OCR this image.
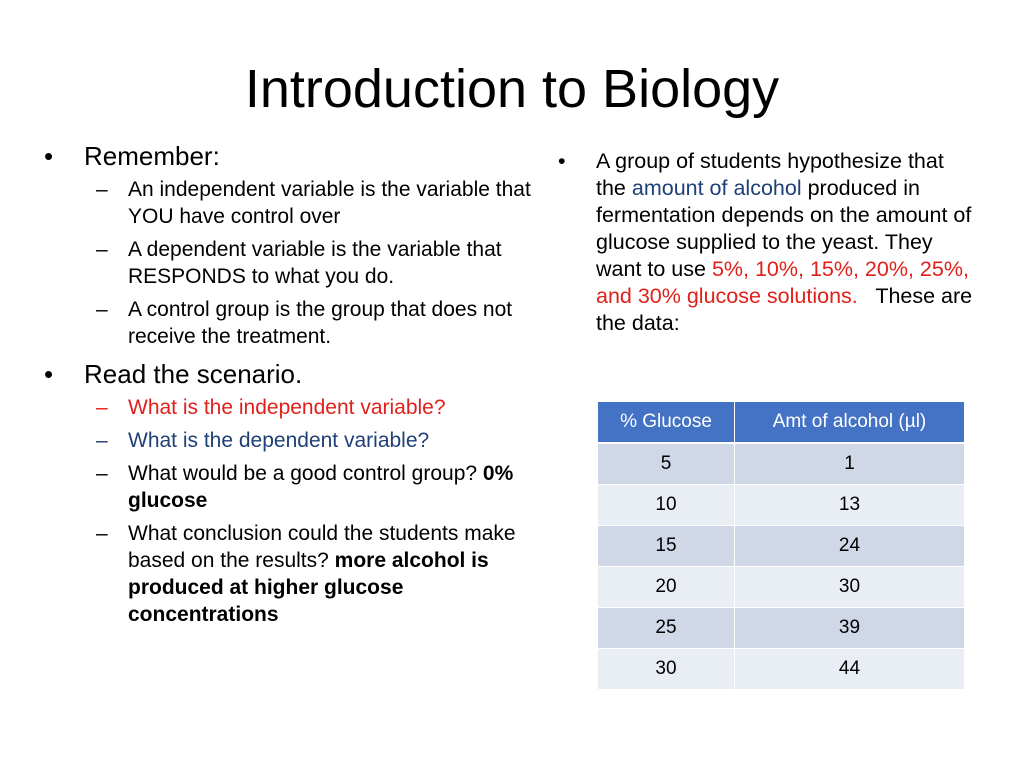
Introduction to Biology
• Remember:
– An independent variable is the variable that YOU have control over
– A dependent variable is the variable that RESPONDS to what you do.
– A control group is the group that does not receive the treatment.
• Read the scenario.
– What is the independent variable?
– What is the dependent variable?
– What would be a good control group? 0% glucose
– What conclusion could the students make based on the results? more alcohol is produced at higher glucose concentrations
• A group of students hypothesize that the amount of alcohol produced in fermentation depends on the amount of glucose supplied to the yeast. They want to use 5%, 10%, 15%, 20%, 25%, and 30% glucose solutions. These are the data:
% Glucose	Amt of alcohol (µl)
5	1
10	13
15	24
20	30
25	39
30	44
